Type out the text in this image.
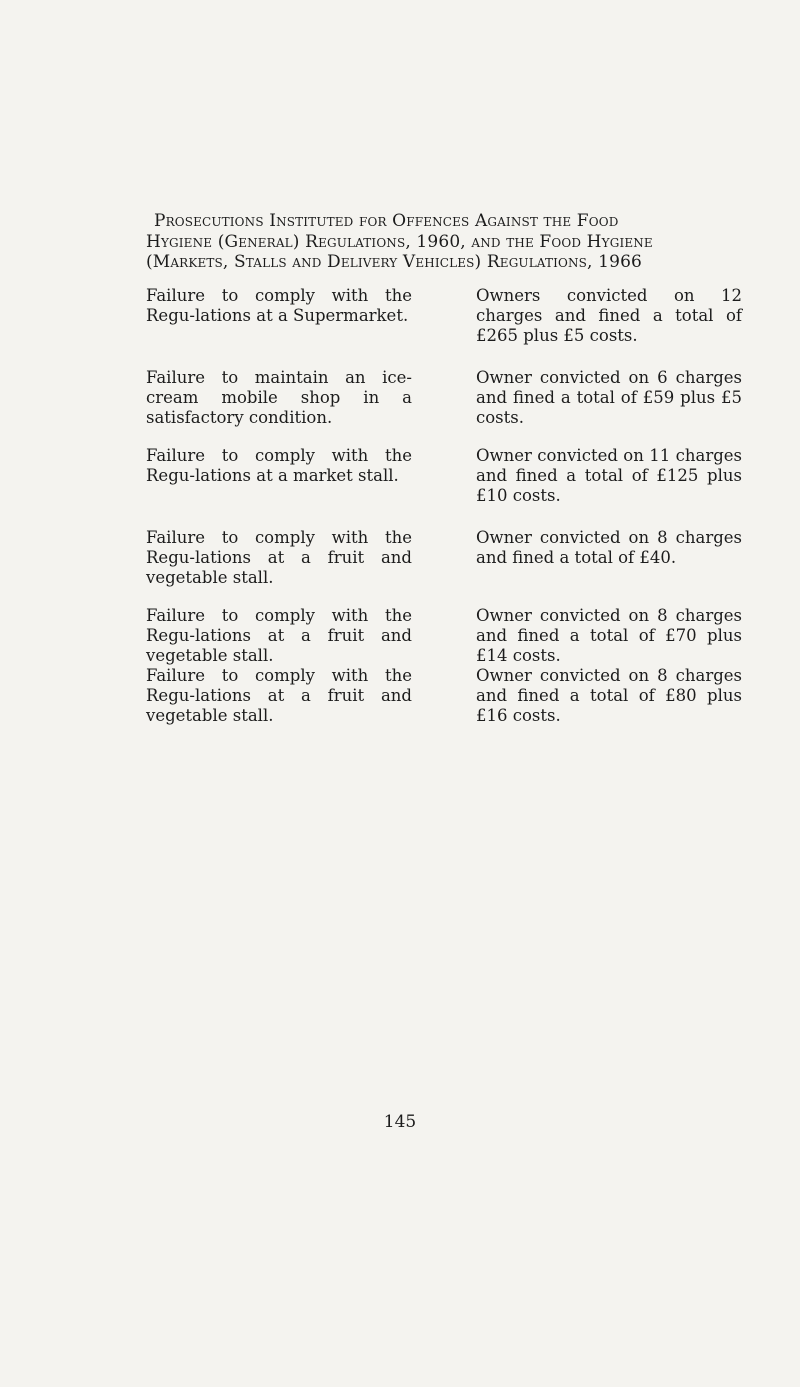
Prosecutions Instituted for Offences Against the Food
Hygiene (General) Regulations, 1960, and the Food Hygiene
(Markets, Stalls and Delivery Vehicles) Regulations, 1966
Failure to comply with the Regu-lations at a Supermarket.
Owners convicted on 12 charges and fined a total of £265 plus £5 costs.
Failure to maintain an ice-cream mobile shop in a satisfactory condition.
Owner convicted on 6 charges and fined a total of £59 plus £5 costs.
Failure to comply with the Regu-lations at a market stall.
Owner convicted on 11 charges and fined a total of £125 plus £10 costs.
Failure to comply with the Regu-lations at a fruit and vegetable stall.
Owner convicted on 8 charges and fined a total of £40.
Failure to comply with the Regu-lations at a fruit and vegetable stall.
Owner convicted on 8 charges and fined a total of £70 plus £14 costs.
Failure to comply with the Regu-lations at a fruit and vegetable stall.
Owner convicted on 8 charges and fined a total of £80 plus £16 costs.
145
